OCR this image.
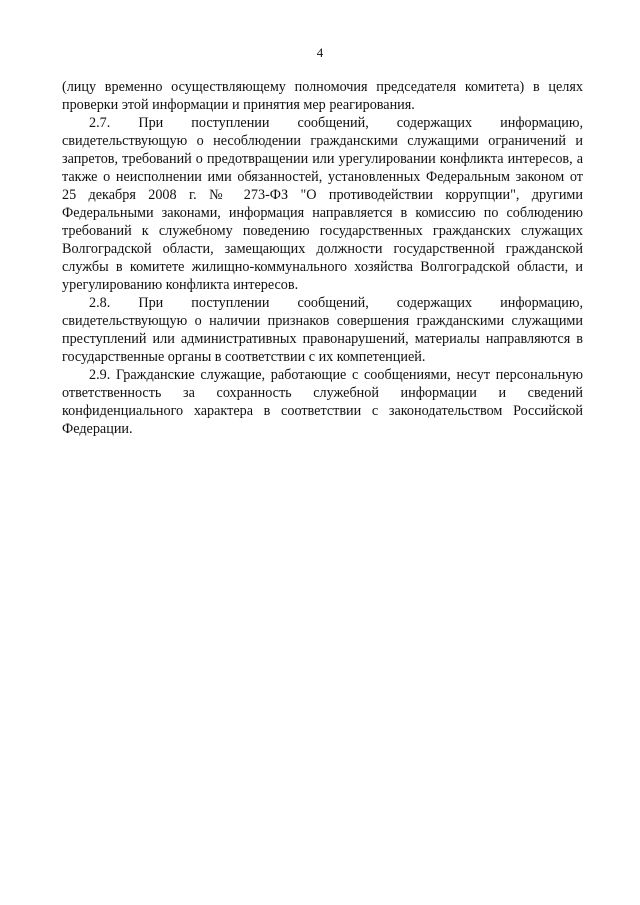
4

(лицу временно осуществляющему полномочия председателя комитета) в целях проверки этой информации и принятия мер реагирования.

2.7. При поступлении сообщений, содержащих информацию, свидетельствующую о несоблюдении гражданскими служащими ограничений и запретов, требований о предотвращении или урегулировании конфликта интересов, а также о неисполнении ими обязанностей, установленных Федеральным законом от 25 декабря 2008 г. № 273-ФЗ "О противодействии коррупции", другими Федеральными законами, информация направляется в комиссию по соблюдению требований к служебному поведению государственных гражданских служащих Волгоградской области, замещающих должности государственной гражданской службы в комитете жилищно-коммунального хозяйства Волгоградской области, и урегулированию конфликта интересов.

2.8. При поступлении сообщений, содержащих информацию, свидетельствующую о наличии признаков совершения гражданскими служащими преступлений или административных правонарушений, материалы направляются в государственные органы в соответствии с их компетенцией.

2.9. Гражданские служащие, работающие с сообщениями, несут персональную ответственность за сохранность служебной информации и сведений конфиденциального характера в соответствии с законодательством Российской Федерации.
